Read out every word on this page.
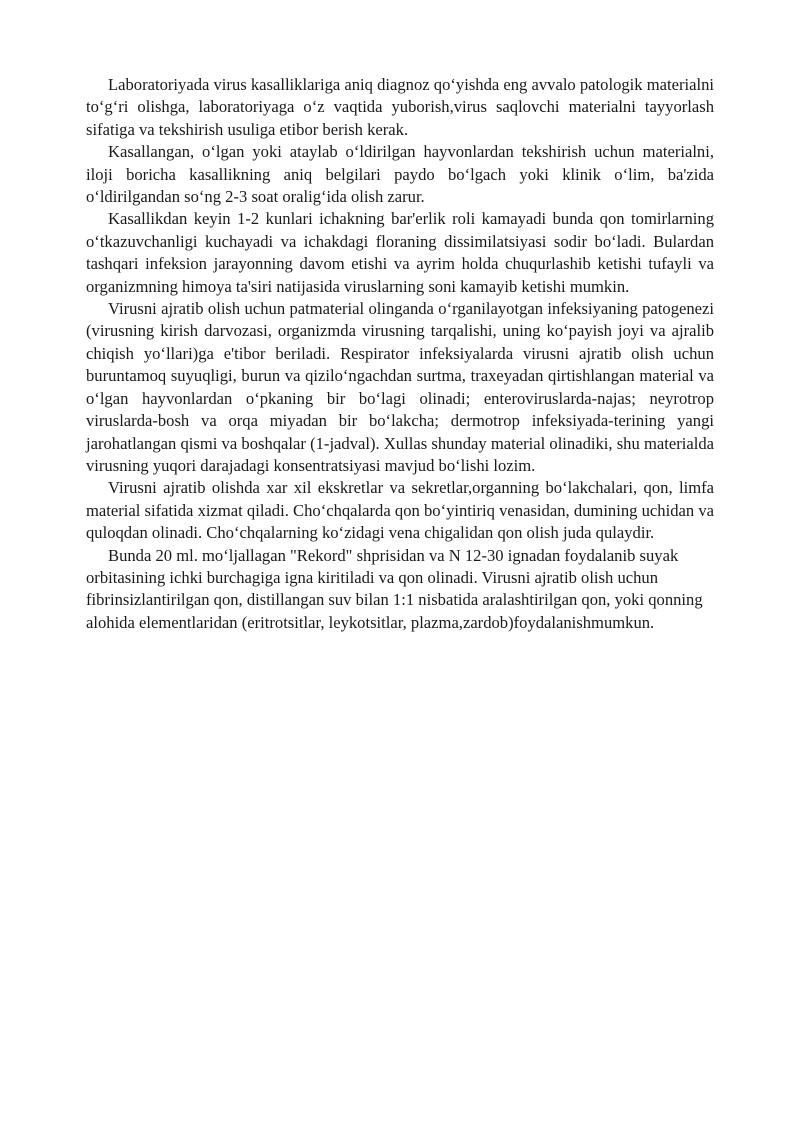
Laboratoriyada virus kasalliklariga aniq diagnoz qo‘yishda eng avvalo patologik materialni to‘g‘ri olishga, laboratoriyaga o‘z vaqtida yuborish,virus saqlovchi materialni tayyorlash sifatiga va tekshirish usuliga etibor berish kerak.

Kasallangan, o‘lgan yoki ataylab o‘ldirilgan hayvonlardan tekshirish uchun materialni, iloji boricha kasallikning aniq belgilari paydo bo‘lgach yoki klinik o‘lim, ba'zida o‘ldirilgandan so‘ng 2-3 soat oralig‘ida olish zarur.

Kasallikdan keyin 1-2 kunlari ichakning bar'erlik roli kamayadi bunda qon tomirlarning o‘tkazuvchanligi kuchayadi va ichakdagi floraning dissimilatsiyasi sodir bo‘ladi. Bulardan tashqari infeksion jarayonning davom etishi va ayrim holda chuqurlashib ketishi tufayli va organizmning himoya ta'siri natijasida viruslarning soni kamayib ketishi mumkin.

Virusni ajratib olish uchun patmaterial olinganda o‘rganilayotgan infeksiyaning patogenezi (virusning kirish darvozasi, organizmda virusning tarqalishi, uning ko‘payish joyi va ajralib chiqish yo‘llari)ga e'tibor beriladi. Respirator infeksiyalarda virusni ajratib olish uchun buruntamoq suyuqligi, burun va qizilo‘ngachdan surtma, traxeyadan qirtishlangan material va o‘lgan hayvonlardan o‘pkaning bir bo‘lagi olinadi; enteroviruslarda-najas; neyrotrop viruslarda-bosh va orqa miyadan bir bo‘lakcha; dermotrop infeksiyada-terining yangi jarohatlangan qismi va boshqalar (1-jadval). Xullas shunday material olinadiki, shu materialda virusning yuqori darajadagi konsentratsiyasi mavjud bo‘lishi lozim.

Virusni ajratib olishda xar xil ekskretlar va sekretlar,organning bo‘lakchalari, qon, limfa material sifatida xizmat qiladi. Cho‘chqalarda qon bo‘yintiriq venasidan, dumining uchidan va quloqdan olinadi. Cho‘chqalarning ko‘zidagi vena chigalidan qon olish juda qulaydir.

Bunda 20 ml. mo‘ljallagan "Rekord" shprisidan va N 12-30 ignadan foydalanib suyak orbitasining ichki burchagiga igna kiritiladi va qon olinadi. Virusni ajratib olish uchun fibrinsizlantirilgan qon, distillangan suv bilan 1:1 nisbatida aralashtirilgan qon, yoki qonning alohida elementlaridan (eritrotsitlar, leykotsitlar, plazma,zardob)foydalanishmumkun.
